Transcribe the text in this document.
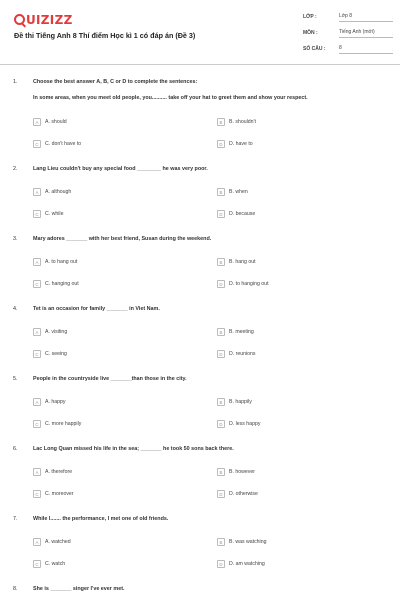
UIZIZZ
Đề thi Tiếng Anh 8 Thí điểm Học kì 1 có đáp án (Đề 3)
LỚP :	Lớp 8
MÔN :	Tiếng Anh (mới)
SỐ CÂU :	8
1.	Choose the best answer A, B, C or D to complete the sentences:
In some areas, when you meet old people, you.......... take off your hat to greet them and show your respect.
A	A. should	B	B. shouldn't
C	C. don't have to	D	D. have to
2.	Lang Lieu couldn't buy any special food ________ he was very poor.
A	A. although	B	B. when
C	C. while	D	D. because
3.	Mary adores _______ with her best friend, Susan during the weekend.
A	A. to hang out	B	B. hang out
C	C. hanging out	D	D. to hanging out
4.	Tet is an occasion for family _______ in Viet Nam.
A	A. visiting	B	B. meeting
C	C. seeing	D	D. reunions
5.	People in the countryside live _______than those in the city.
A	A. happy	B	B. happily
C	C. more happily	D	D. less happy
6.	Lac Long Quan missed his life in the sea; _______ he took 50 sons back there.
A	A. therefore	B	B. however
C	C. moreover	D	D. otherwise
7.	While I....... the performance, I met one of old friends.
A	A. watched	B	B. was watching
C	C. watch	D	D. am watching
8.	She is _______ singer I've ever met.
